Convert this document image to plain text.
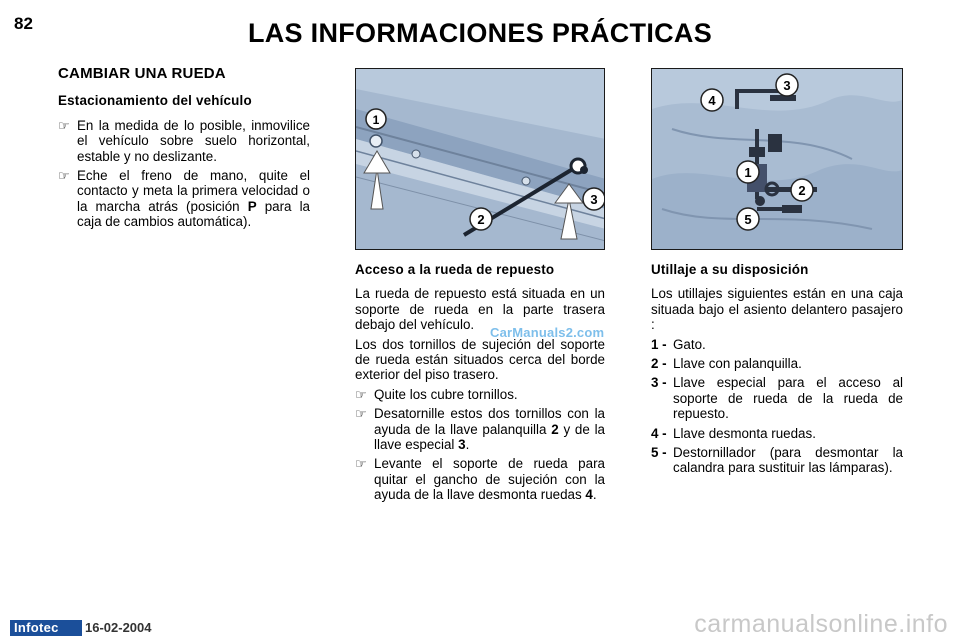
82	LAS INFORMACIONES PRÁCTICAS
CAMBIAR UNA RUEDA
Estacionamiento del vehículo
☞ En la medida de lo posible, inmovilice el vehículo sobre suelo horizontal, estable y no deslizante.
☞ Eche el freno de mano, quite el contacto y meta la primera velocidad o la marcha atrás (posición P para la caja de cambios automática).	2
3
1
4
3
1
2
5
Acceso a la rueda de repuesto
La rueda de repuesto está situada en un soporte de rueda en la parte trasera debajo del vehículo.
Los dos tornillos de sujeción del soporte de rueda están situados cerca del borde exterior del piso trasero.
☞ Quite los cubre tornillos.
☞ Desatornille estos dos tornillos con la ayuda de la llave palanquilla 2 y de la llave especial 3.
☞ Levante el soporte de rueda para quitar el gancho de sujeción con la ayuda de la llave desmonta ruedas 4.
Utillaje a su disposición
Los utillajes siguientes están en una caja situada bajo el asiento delantero pasajero :
1 - Gato.
2 - Llave con palanquilla.
3 - Llave especial para el acceso al soporte de rueda de la rueda de repuesto.
4 - Llave desmonta ruedas.
5 - Destornillador (para desmontar la calandra para sustituir las lámparas).
CarManuals2.com
Infotec	16-02-2004	carmanualsonline.info
